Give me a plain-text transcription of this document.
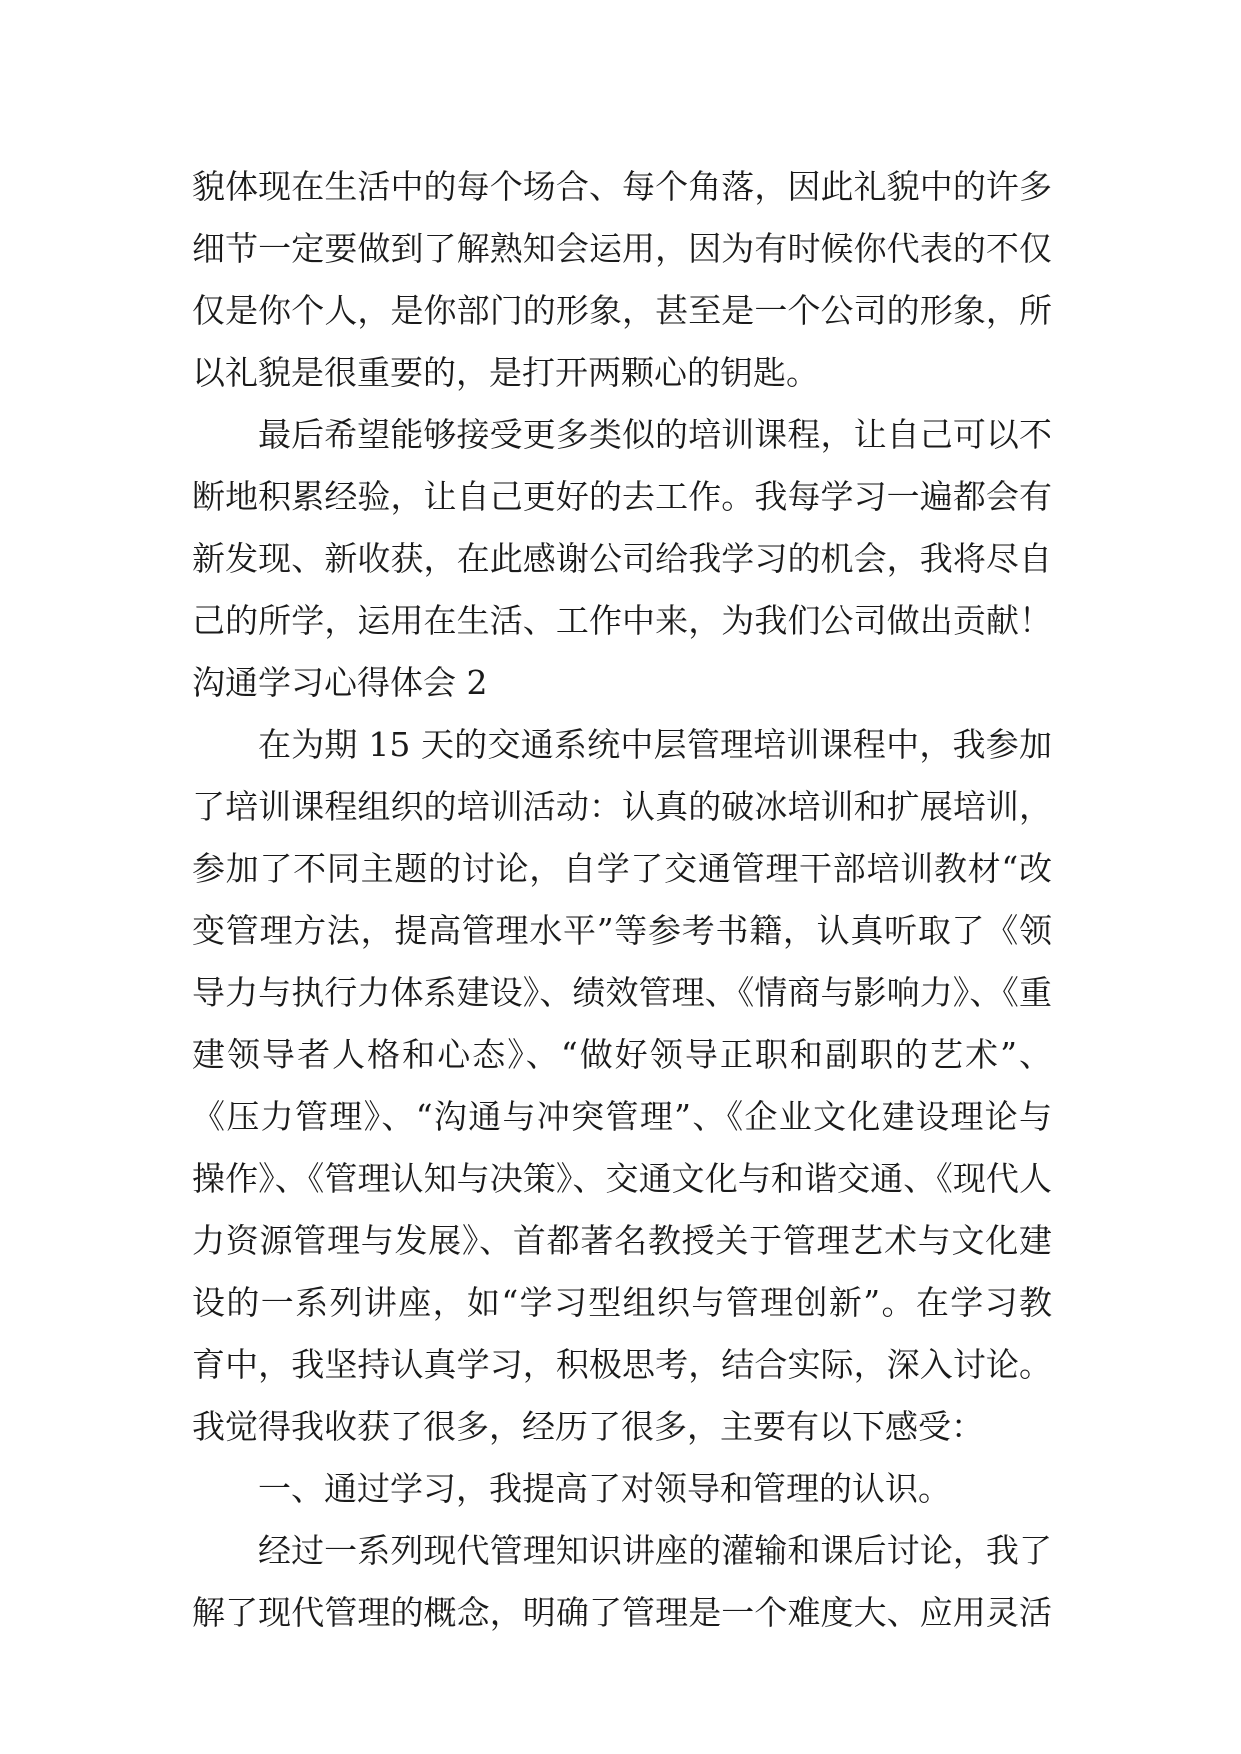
貌体现在生活中的每个场合、每个角落，因此礼貌中的许多
细节一定要做到了解熟知会运用，因为有时候你代表的不仅
仅是你个人，是你部门的形象，甚至是一个公司的形象，所
以礼貌是很重要的，是打开两颗心的钥匙。
最后希望能够接受更多类似的培训课程，让自己可以不
断地积累经验，让自己更好的去工作。我每学习一遍都会有
新发现、新收获，在此感谢公司给我学习的机会，我将尽自
己的所学，运用在生活、工作中来，为我们公司做出贡献！
沟通学习心得体会 2
在为期 15 天的交通系统中层管理培训课程中，我参加
了培训课程组织的培训活动：认真的破冰培训和扩展培训，
参加了不同主题的讨论，自学了交通管理干部培训教材“改
变管理方法，提高管理水平”等参考书籍，认真听取了《领
导力与执行力体系建设》、绩效管理、《情商与影响力》、《重
建领导者人格和心态》、“做好领导正职和副职的艺术”、
《压力管理》、“沟通与冲突管理”、《企业文化建设理论与
操作》、《管理认知与决策》、交通文化与和谐交通、《现代人
力资源管理与发展》、首都著名教授关于管理艺术与文化建
设的一系列讲座，如“学习型组织与管理创新”。在学习教
育中，我坚持认真学习，积极思考，结合实际，深入讨论。
我觉得我收获了很多，经历了很多，主要有以下感受：
一、通过学习，我提高了对领导和管理的认识。
经过一系列现代管理知识讲座的灌输和课后讨论，我了
解了现代管理的概念，明确了管理是一个难度大、应用灵活
